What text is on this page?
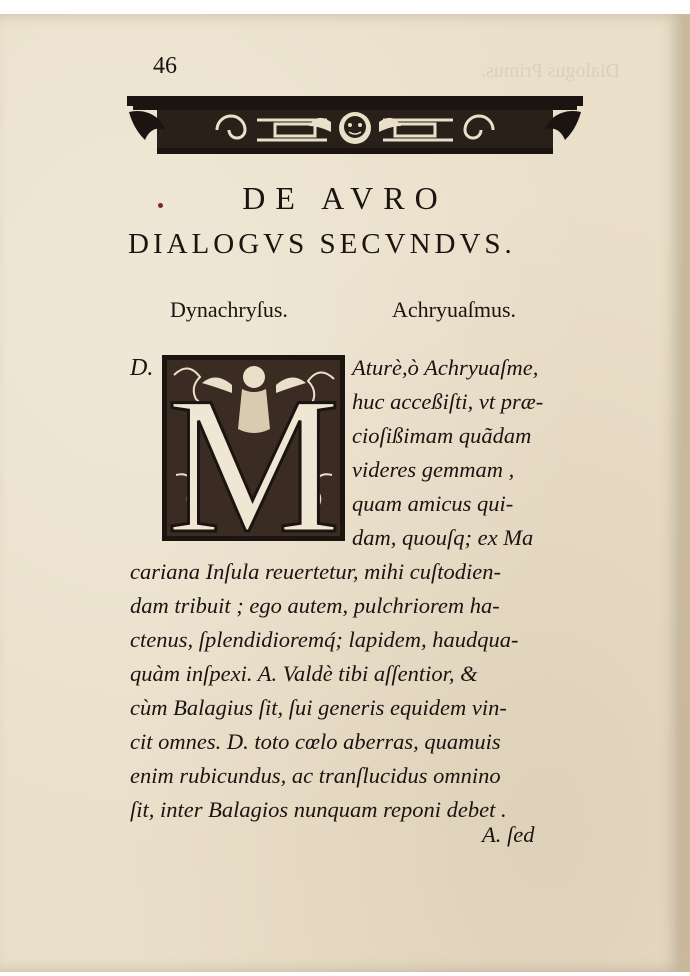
Dialogus Primus.
46
DE AVRO
DIALOGVS SECVNDVS.
Dynachryſus.	Achryuaſmus.
D. M Aturè,ò Achryuaſme,
huc acceßiſti, vt præ-
cioſißimam quãdam
videres gemmam ,
quam amicus qui-
dam, quouſq; ex Ma
cariana Inſula reuertetur, mihi cuſtodien-
dam tribuit ; ego autem, pulchriorem ha-
ctenus, ſplendidioremq́; lapidem, haudqua-
quàm inſpexi. A. Valdè tibi aſſentior, &
cùm Balagius ſit, ſui generis equidem vin-
cit omnes. D. toto cœlo aberras, quamuis
enim rubicundus, ac tranſlucidus omnino
ſit, inter Balagios nunquam reponi debet .
A. ſed
